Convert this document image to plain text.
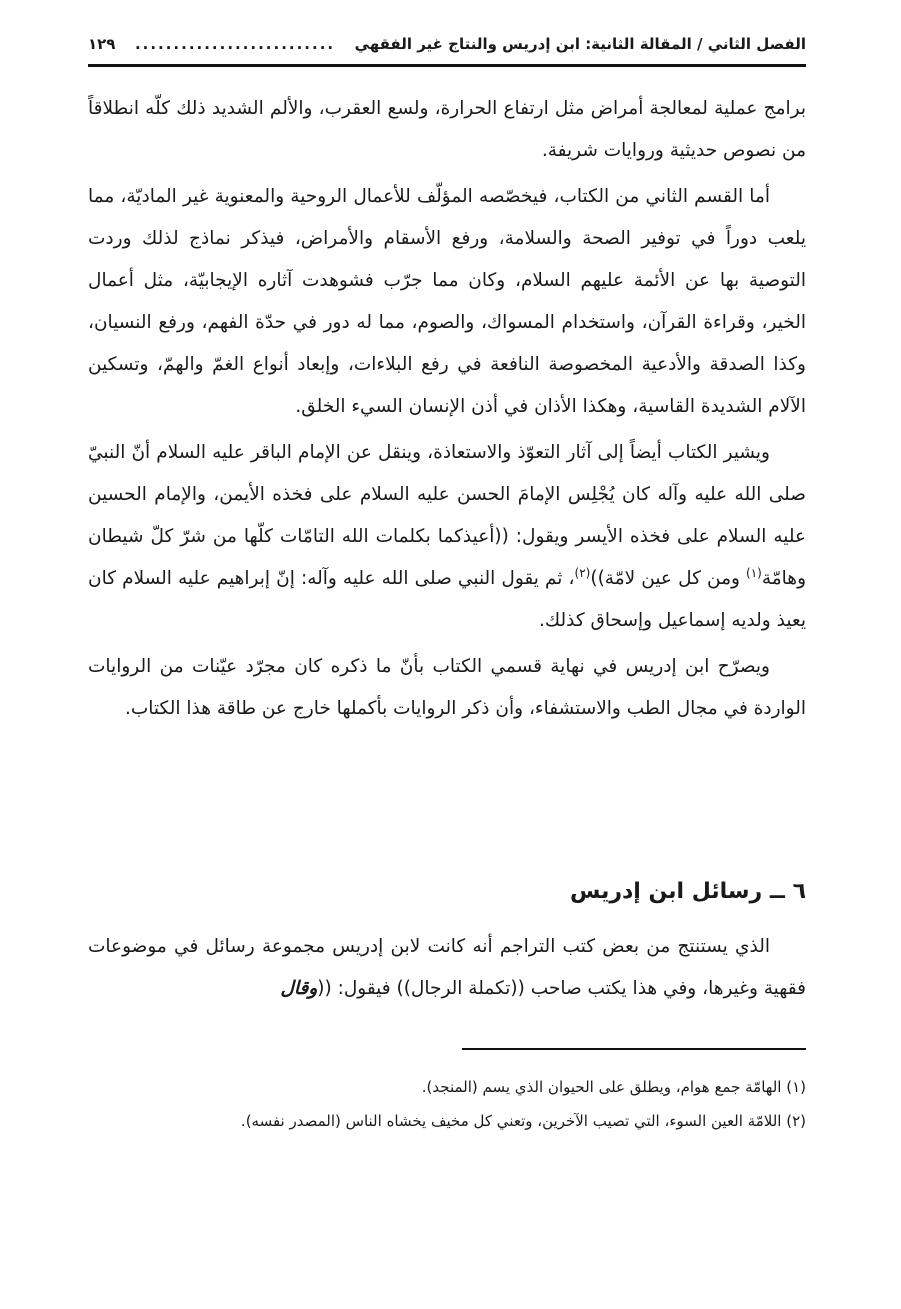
الفصل الثاني / المقالة الثانية: ابن إدريس والنتاج غير الفقهي
..........................
١٢٩

برامج عملية لمعالجة أمراض مثل ارتفاع الحرارة، ولسع العقرب، والألم الشديد ذلك كلّه انطلاقاً من نصوص حديثية وروايات شريفة.

أما القسم الثاني من الكتاب، فيخصّصه المؤلّف للأعمال الروحية والمعنوية غير الماديّة، مما يلعب دوراً في توفير الصحة والسلامة، ورفع الأسقام والأمراض، فيذكر نماذج لذلك وردت التوصية بها عن الأئمة عليهم السلام، وكان مما جرّب فشوهدت آثاره الإيجابيّة، مثل أعمال الخير، وقراءة القرآن، واستخدام المسواك، والصوم، مما له دور في حدّة الفهم، ورفع النسيان، وكذا الصدقة والأدعية المخصوصة النافعة في رفع البلاءات، وإبعاد أنواع الغمّ والهمّ، وتسكين الآلام الشديدة القاسية، وهكذا الأذان في أذن الإنسان السيء الخلق.

ويشير الكتاب أيضاً إلى آثار التعوّذ والاستعاذة، وينقل عن الإمام الباقر عليه السلام أنّ النبيّ صلى الله عليه وآله كان يُجْلِس الإمامَ الحسن عليه السلام على فخذه الأيمن، والإمام الحسين عليه السلام على فخذه الأيسر ويقول: ((أعيذكما بكلمات الله التامّات كلّها من شرّ كلّ شيطان وهامّة$^{(١)}$ ومن كل عين لامّة))$^{(٢)}$، ثم يقول النبي صلى الله عليه وآله: إنّ إبراهيم عليه السلام كان يعيذ ولديه إسماعيل وإسحاق كذلك.

ويصرّح ابن إدريس في نهاية قسمي الكتاب بأنّ ما ذكره كان مجرّد عيّنات من الروايات الواردة في مجال الطب والاستشفاء، وأن ذكر الروايات بأكملها خارج عن طاقة هذا الكتاب.

٦ ــ رسائل ابن إدريس

الذي يستنتج من بعض كتب التراجم أنه كانت لابن إدريس مجموعة رسائل في موضوعات فقهية وغيرها، وفي هذا يكتب صاحب ((تكملة الرجال)) فيقول: ((وقال

(١) الهامّة جمع هوام، ويطلق على الحيوان الذي يسم (المنجد).

(٢) اللامّة العين السوء، التي تصيب الآخرين، وتعني كل مخيف يخشاه الناس (المصدر نفسه).
